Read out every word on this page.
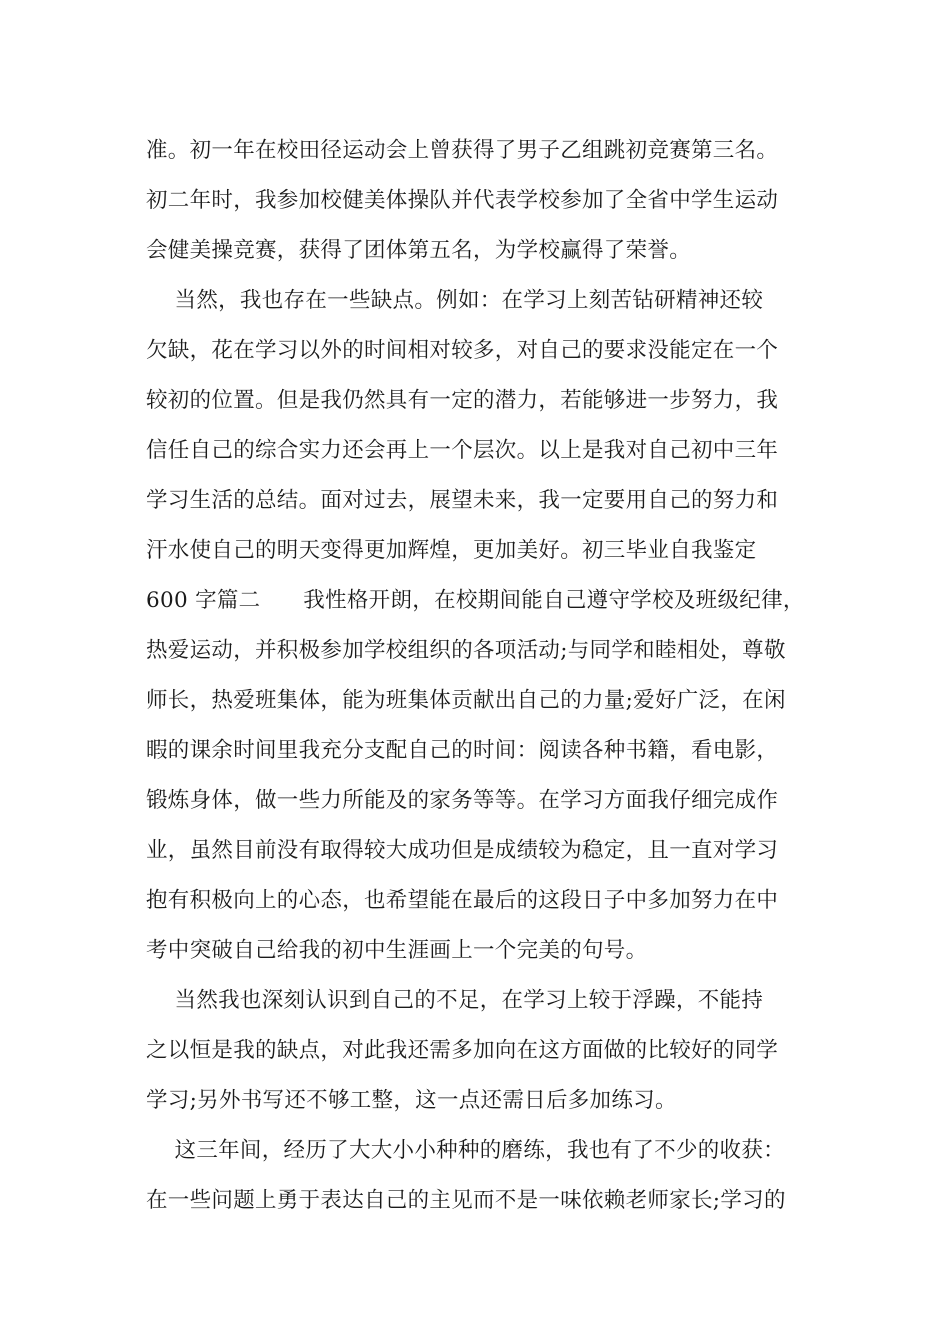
准。初一年在校田径运动会上曾获得了男子乙组跳初竞赛第三名。
初二年时，我参加校健美体操队并代表学校参加了全省中学生运动
会健美操竞赛，获得了团体第五名，为学校赢得了荣誉。
当然，我也存在一些缺点。例如：在学习上刻苦钻研精神还较
欠缺，花在学习以外的时间相对较多，对自己的要求没能定在一个
较初的位置。但是我仍然具有一定的潜力，若能够进一步努力，我
信任自己的综合实力还会再上一个层次。以上是我对自己初中三年
学习生活的总结。面对过去，展望未来，我一定要用自己的努力和
汗水使自己的明天变得更加辉煌，更加美好。初三毕业自我鉴定
600 字篇二      我性格开朗，在校期间能自己遵守学校及班级纪律，
热爱运动，并积极参加学校组织的各项活动;与同学和睦相处，尊敬
师长，热爱班集体，能为班集体贡献出自己的力量;爱好广泛，在闲
暇的课余时间里我充分支配自己的时间：阅读各种书籍，看电影，
锻炼身体，做一些力所能及的家务等等。在学习方面我仔细完成作
业，虽然目前没有取得较大成功但是成绩较为稳定，且一直对学习
抱有积极向上的心态，也希望能在最后的这段日子中多加努力在中
考中突破自己给我的初中生涯画上一个完美的句号。
当然我也深刻认识到自己的不足，在学习上较于浮躁，不能持
之以恒是我的缺点，对此我还需多加向在这方面做的比较好的同学
学习;另外书写还不够工整，这一点还需日后多加练习。
这三年间，经历了大大小小种种的磨练，我也有了不少的收获：
在一些问题上勇于表达自己的主见而不是一味依赖老师家长;学习的
